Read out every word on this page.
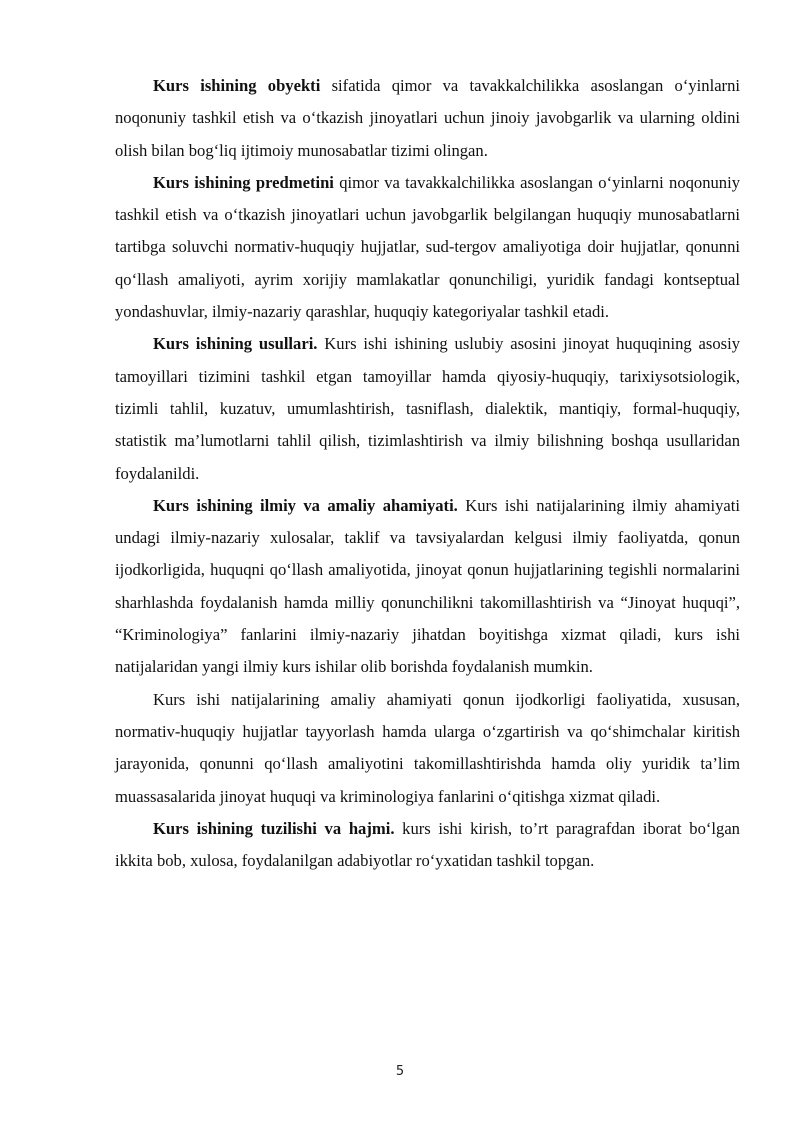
Kurs ishining obyekti sifatida qimor va tavakkalchilikka asoslangan o‘yinlarni noqonuniy tashkil etish va o‘tkazish jinoyatlari uchun jinoiy javobgarlik va ularning oldini olish bilan bog‘liq ijtimoiy munosabatlar tizimi olingan.

Kurs ishining predmetini qimor va tavakkalchilikka asoslangan o‘yinlarni noqonuniy tashkil etish va o‘tkazish jinoyatlari uchun javobgarlik belgilangan huquqiy munosabatlarni tartibga soluvchi normativ-huquqiy hujjatlar, sud-tergov amaliyotiga doir hujjatlar, qonunni qo‘llash amaliyoti, ayrim xorijiy mamlakatlar qonunchiligi, yuridik fandagi kontseptual yondashuvlar, ilmiy-nazariy qarashlar, huquqiy kategoriyalar tashkil etadi.

Kurs ishining usullari. Kurs ishi ishining uslubiy asosini jinoyat huquqining asosiy tamoyillari tizimini tashkil etgan tamoyillar hamda qiyosiy-huquqiy, tarixiysotsiologik, tizimli tahlil, kuzatuv, umumlashtirish, tasniflash, dialektik, mantiqiy, formal-huquqiy, statistik ma’lumotlarni tahlil qilish, tizimlashtirish va ilmiy bilishning boshqa usullaridan foydalanildi.

Kurs ishining ilmiy va amaliy ahamiyati. Kurs ishi natijalarining ilmiy ahamiyati undagi ilmiy-nazariy xulosalar, taklif va tavsiyalardan kelgusi ilmiy faoliyatda, qonun ijodkorligida, huquqni qo‘llash amaliyotida, jinoyat qonun hujjatlarining tegishli normalarini sharhlashda foydalanish hamda milliy qonunchilikni takomillashtirish va “Jinoyat huquqi”, “Kriminologiya” fanlarini ilmiy-nazariy jihatdan boyitishga xizmat qiladi, kurs ishi natijalaridan yangi ilmiy kurs ishilar olib borishda foydalanish mumkin.

Kurs ishi natijalarining amaliy ahamiyati qonun ijodkorligi faoliyatida, xususan, normativ-huquqiy hujjatlar tayyorlash hamda ularga o‘zgartirish va qo‘shimchalar kiritish jarayonida, qonunni qo‘llash amaliyotini takomillashtirishda hamda oliy yuridik ta’lim muassasalarida jinoyat huquqi va kriminologiya fanlarini o‘qitishga xizmat qiladi.

Kurs ishining tuzilishi va hajmi. kurs ishi kirish, to’rt paragrafdan iborat bo‘lgan ikkita bob, xulosa, foydalanilgan adabiyotlar ro‘yxatidan tashkil topgan.

5
